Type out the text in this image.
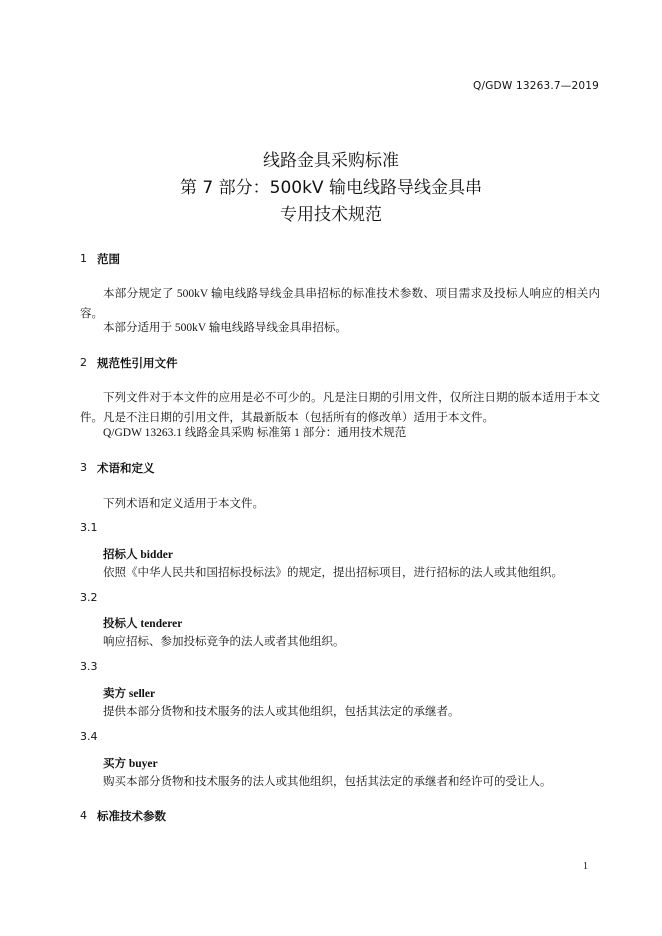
Q/GDW 13263.7—2019
线路金具采购标准
第 7 部分：500kV 输电线路导线金具串
专用技术规范
1 范围
本部分规定了 500kV 输电线路导线金具串招标的标准技术参数、项目需求及投标人响应的相关内容。
本部分适用于 500kV 输电线路导线金具串招标。
2 规范性引用文件
下列文件对于本文件的应用是必不可少的。凡是注日期的引用文件，仅所注日期的版本适用于本文件。凡是不注日期的引用文件，其最新版本（包括所有的修改单）适用于本文件。
Q/GDW 13263.1 线路金具采购 标准第 1 部分：通用技术规范
3 术语和定义
下列术语和定义适用于本文件。
3.1
招标人 bidder
依照《中华人民共和国招标投标法》的规定，提出招标项目，进行招标的法人或其他组织。
3.2
投标人 tenderer
响应招标、参加投标竞争的法人或者其他组织。
3.3
卖方 seller
提供本部分货物和技术服务的法人或其他组织，包括其法定的承继者。
3.4
买方 buyer
购买本部分货物和技术服务的法人或其他组织，包括其法定的承继者和经许可的受让人。
4 标准技术参数
1
